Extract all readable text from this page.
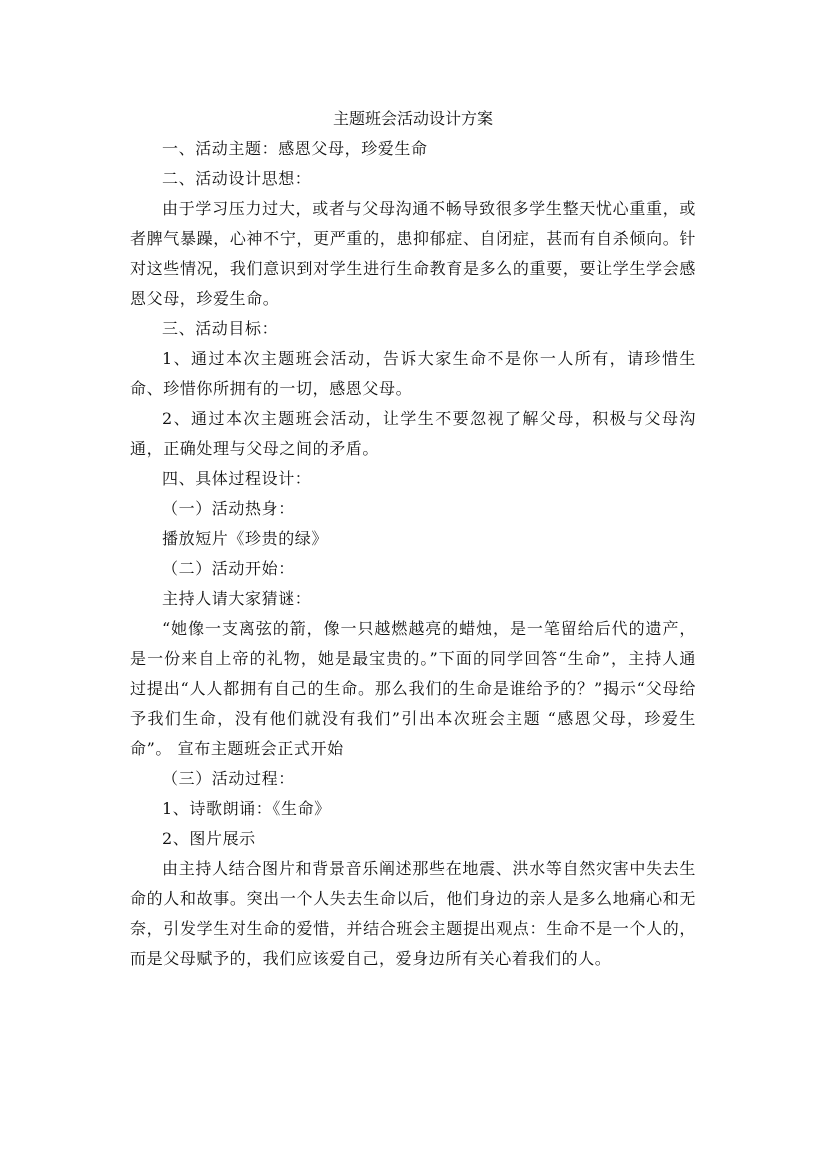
主题班会活动设计方案

一、活动主题：感恩父母，珍爱生命

二、活动设计思想：

由于学习压力过大，或者与父母沟通不畅导致很多学生整天忧心重重，或者脾气暴躁，心神不宁，更严重的，患抑郁症、自闭症，甚而有自杀倾向。针对这些情况，我们意识到对学生进行生命教育是多么的重要，要让学生学会感恩父母，珍爱生命。

三、活动目标：

1、通过本次主题班会活动，告诉大家生命不是你一人所有，请珍惜生命、珍惜你所拥有的一切，感恩父母。

2、通过本次主题班会活动，让学生不要忽视了解父母，积极与父母沟通，正确处理与父母之间的矛盾。

四、具体过程设计：

（一）活动热身：

播放短片《珍贵的绿》

（二）活动开始：

主持人请大家猜谜：

“她像一支离弦的箭，像一只越燃越亮的蜡烛，是一笔留给后代的遗产，是一份来自上帝的礼物，她是最宝贵的。”下面的同学回答“生命”，主持人通过提出“人人都拥有自己的生命。那么我们的生命是谁给予的？”揭示“父母给予我们生命，没有他们就没有我们”引出本次班会主题 “感恩父母，珍爱生命”。 宣布主题班会正式开始

（三）活动过程：

1、诗歌朗诵：《生命》

2、图片展示

由主持人结合图片和背景音乐阐述那些在地震、洪水等自然灾害中失去生命的人和故事。突出一个人失去生命以后，他们身边的亲人是多么地痛心和无奈，引发学生对生命的爱惜，并结合班会主题提出观点：生命不是一个人的，而是父母赋予的，我们应该爱自己，爱身边所有关心着我们的人。
